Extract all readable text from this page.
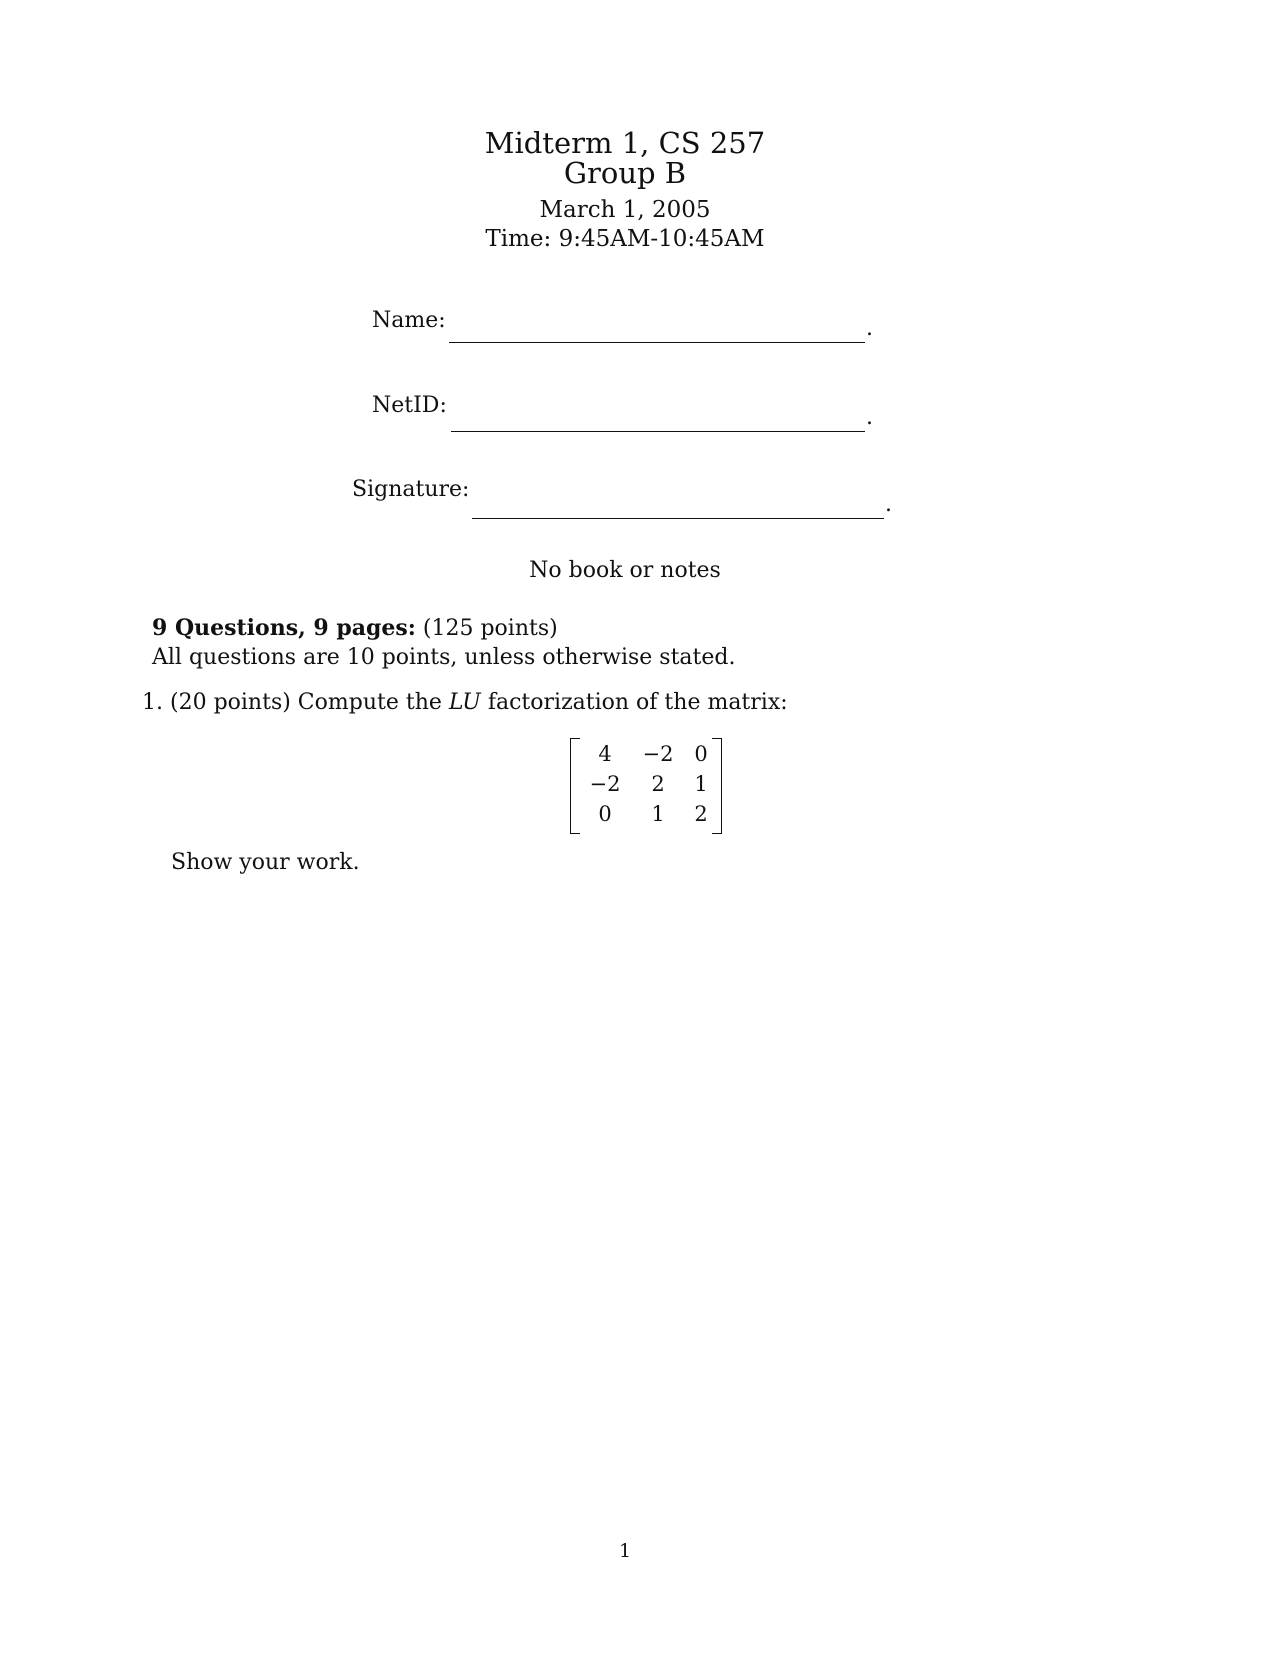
Midterm 1, CS 257
Group B
March 1, 2005
Time: 9:45AM-10:45AM
Name:	.
NetID:	.
Signature:
.
No book or notes
9 Questions, 9 pages: (125 points)
All questions are 10 points, unless otherwise stated.
1. (20 points) Compute the LU factorization of the matrix:
4	−2 0
−2	2	1
0	1	2
Show your work.
1
